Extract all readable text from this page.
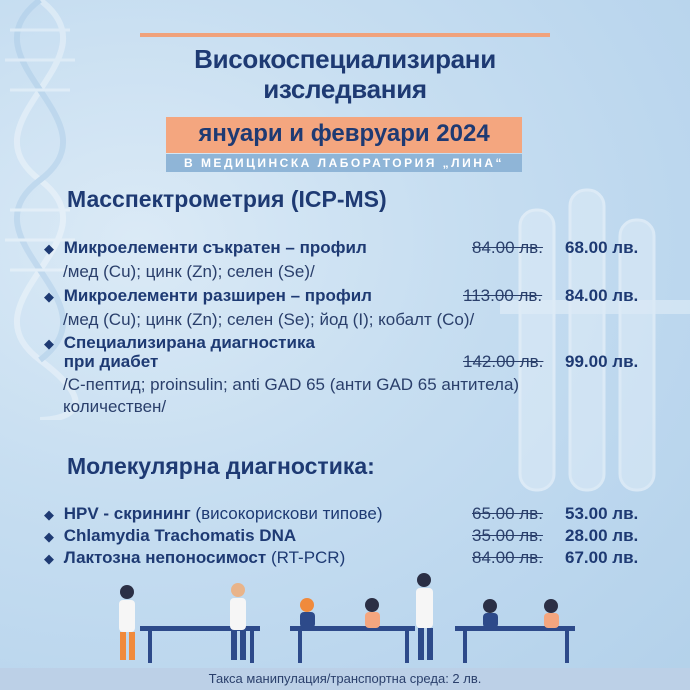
Високоспециализирани
изследвания
януари и февруари 2024
В МЕДИЦИНСКА ЛАБОРАТОРИЯ „ЛИНА“
Масспектрометрия (ICP-MS)
◆ Микроелементи съкратен – профил	84.00 лв. 68.00 лв.
/мед (Cu); цинк (Zn); селен (Se)/
◆ Микроелементи разширен – профил	113.00 лв. 84.00 лв.
/мед (Cu); цинк (Zn); селен (Se); йод (I); кобалт (Co)/
◆ Специализирана диагностика
при диабет	142.00 лв. 99.00 лв.
/С-пептид; proinsulin; anti GAD 65 (анти GAD 65 антитела)
количествен/
Молекулярна диагностика:
◆ HPV - скрининг (високорискови типове)	65.00 лв. 53.00 лв.
◆ Chlamydia Trachomatis DNA	35.00 лв. 28.00 лв.
◆ Лактозна непоносимост (RT-PCR)	84.00 лв. 67.00 лв.
Такса манипулация/транспортна среда: 2 лв.
